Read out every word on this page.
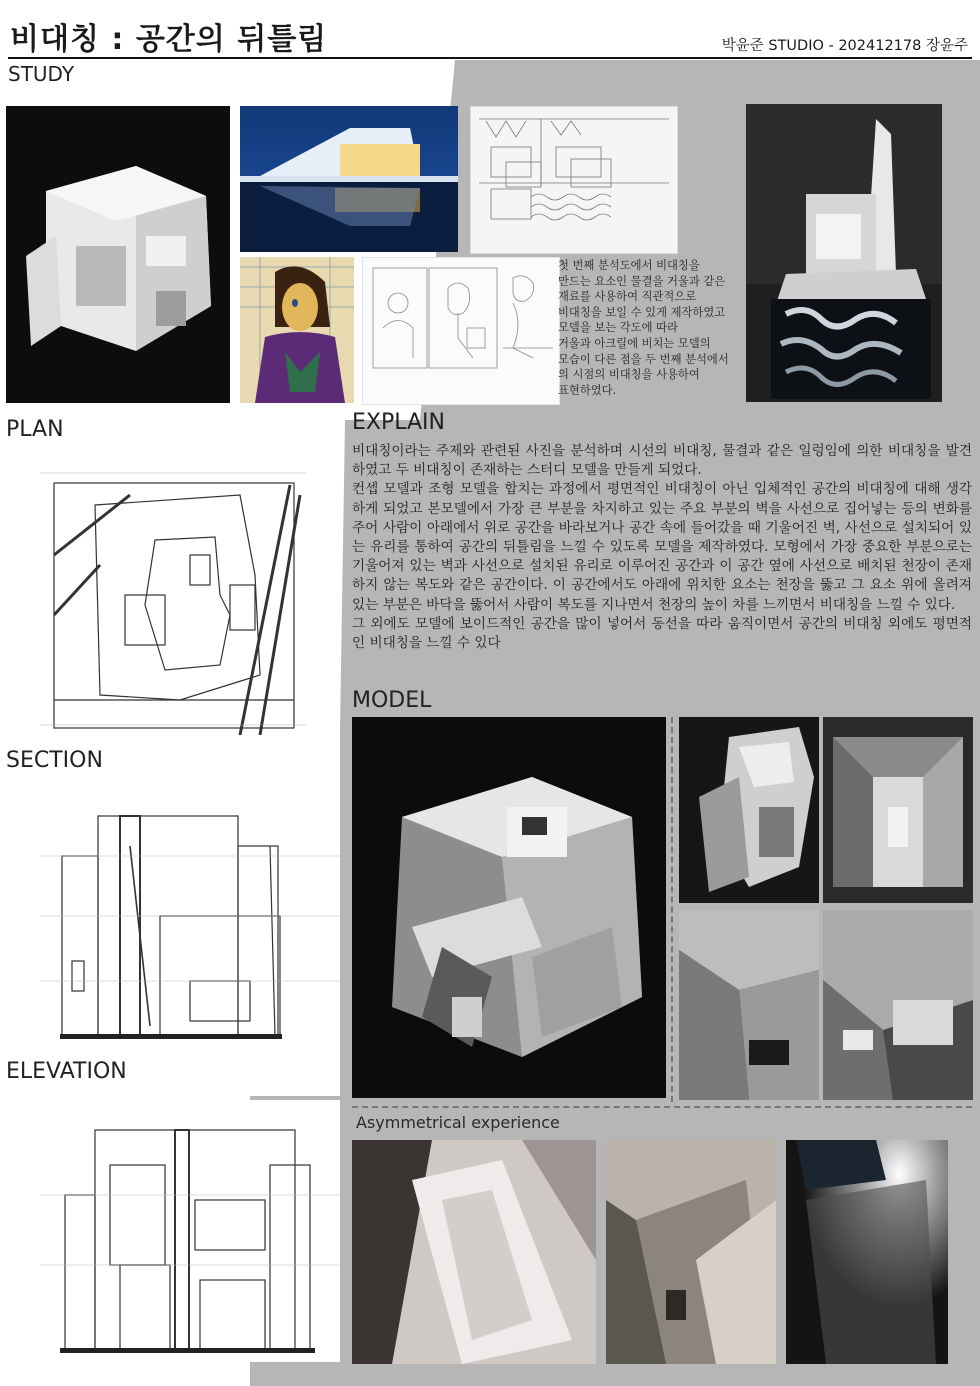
비대칭 : 공간의 뒤틀림	박윤준 STUDIO - 202412178 장윤주
STUDY

첫 번째 분석도에서 비대칭을

만드는 요소인 물결을 거울과 같은

재료를 사용하여 직관적으로

비대칭을 보일 수 있게 제작하였고

모델을 보는 각도에 따라

거울과 아크릴에 비치는 모델의

모습이 다른 점을 두 번째 분석에서

의 시점의 비대칭을 사용하여

표현하였다.

PLAN
SECTION
ELEVATION
EXPLAIN

비대칭이라는 주제와 관련된 사진을 분석하며 시선의 비대칭, 물결과 같은 일렁임에 의한 비대칭을 발견하였고 두 비대칭이 존재하는 스터디 모델을 만들게 되었다.

컨셉 모델과 조형 모델을 합치는 과정에서 평면적인 비대칭이 아닌 입체적인 공간의 비대칭에 대해 생각하게 되었고 본모델에서 가장 큰 부분을 차지하고 있는 주요 부분의 벽을 사선으로 집어넣는 등의 변화를 주어 사람이 아래에서 위로 공간을 바라보거나 공간 속에 들어갔을 때 기울어진 벽, 사선으로 설치되어 있는 유리를 통하여 공간의 뒤틀림을 느낄 수 있도록 모델을 제작하였다. 모형에서 가장 중요한 부분으로는 기울어져 있는 벽과 사선으로 설치된 유리로 이루어진 공간과 이 공간 옆에 사선으로 배치된 천장이 존재하지 않는 복도와 같은 공간이다. 이 공간에서도 아래에 위치한 요소는 천장을 뚫고 그 요소 위에 올려져 있는 부분은 바닥을 뚫어서 사람이 복도를 지나면서 천장의 높이 차를 느끼면서 비대칭을 느낄 수 있다.

그 외에도 모델에 보이드적인 공간을 많이 넣어서 동선을 따라 움직이면서 공간의 비대칭 외에도 평면적인 비대칭을 느낄 수 있다

MODEL
Asymmetrical experience
